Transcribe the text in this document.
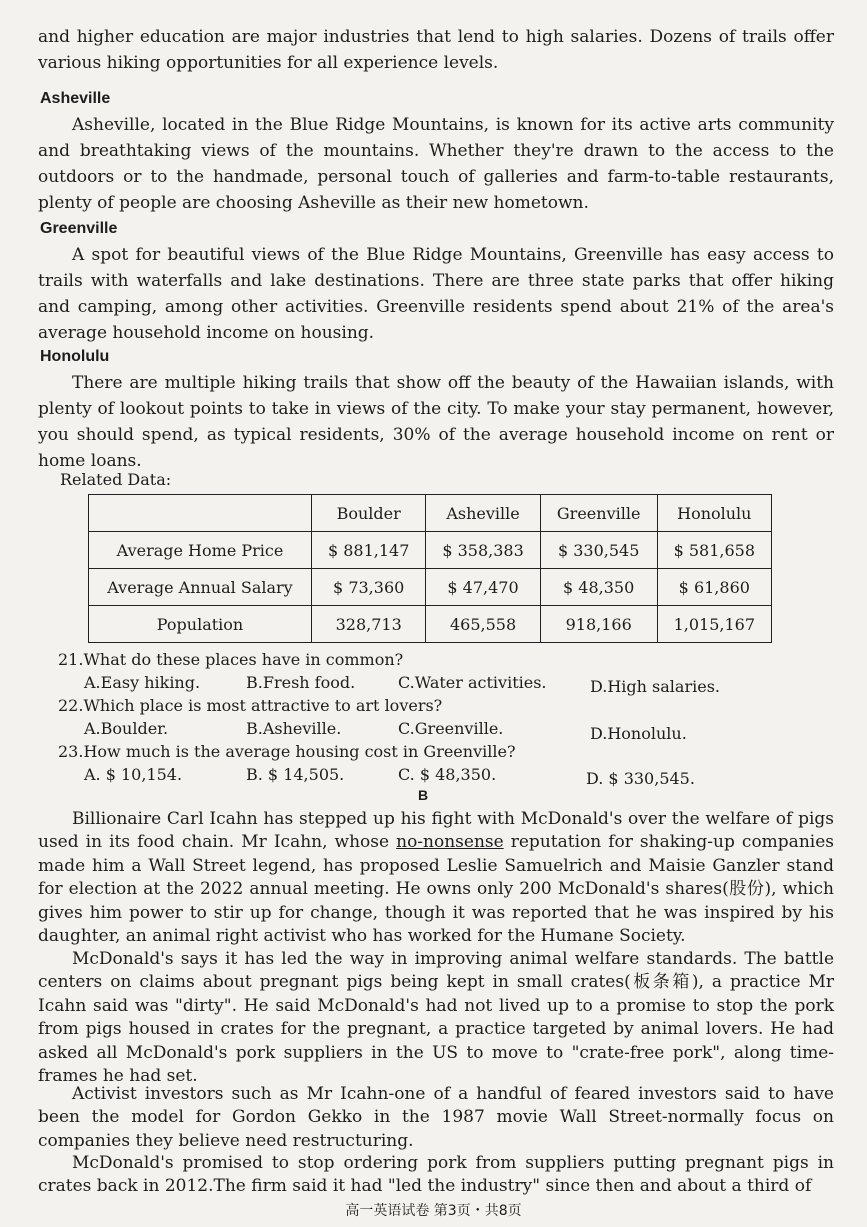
and higher education are major industries that lend to high salaries. Dozens of trails offer various hiking opportunities for all experience levels.

Asheville

Asheville, located in the Blue Ridge Mountains, is known for its active arts community and breathtaking views of the mountains. Whether they're drawn to the access to the outdoors or to the handmade, personal touch of galleries and farm-to-table restaurants, plenty of people are choosing Asheville as their new hometown.

Greenville

A spot for beautiful views of the Blue Ridge Mountains, Greenville has easy access to trails with waterfalls and lake destinations. There are three state parks that offer hiking and camping, among other activities. Greenville residents spend about 21% of the area's average household income on housing.

Honolulu

There are multiple hiking trails that show off the beauty of the Hawaiian islands, with plenty of lookout points to take in views of the city. To make your stay permanent, however, you should spend, as typical residents, 30% of the average household income on rent or home loans.

Related Data:

	Boulder	Asheville	Greenville	Honolulu
Average Home Price	$ 881,147	$ 358,383	$ 330,545	$ 581,658
Average Annual Salary	$ 73,360	$ 47,470	$ 48,350	$ 61,860
Population	328,713	465,558	918,166	1,015,167

21.What do these places have in common?

A.Easy hiking.	B.Fresh food.	C.Water activities.	D.High salaries.

22.Which place is most attractive to art lovers?

A.Boulder.	B.Asheville.	C.Greenville.	D.Honolulu.

23.How much is the average housing cost in Greenville?

A. $ 10,154.	B. $ 14,505.	C. $ 48,350.	D. $ 330,545.

B

Billionaire Carl Icahn has stepped up his fight with McDonald's over the welfare of pigs used in its food chain. Mr Icahn, whose no-nonsense reputation for shaking-up companies made him a Wall Street legend, has proposed Leslie Samuelrich and Maisie Ganzler stand for election at the 2022 annual meeting. He owns only 200 McDonald's shares(股份), which gives him power to stir up for change, though it was reported that he was inspired by his daughter, an animal right activist who has worked for the Humane Society.

McDonald's says it has led the way in improving animal welfare standards. The battle centers on claims about pregnant pigs being kept in small crates(板条箱), a practice Mr Icahn said was "dirty". He said McDonald's had not lived up to a promise to stop the pork from pigs housed in crates for the pregnant, a practice targeted by animal lovers. He had asked all McDonald's pork suppliers in the US to move to "crate-free pork", along time-frames he had set.

Activist investors such as Mr Icahn-one of a handful of feared investors said to have been the model for Gordon Gekko in the 1987 movie Wall Street-normally focus on companies they believe need restructuring.

McDonald's promised to stop ordering pork from suppliers putting pregnant pigs in crates back in 2012.The firm said it had "led the industry" since then and about a third of

高一英语试卷 第3页・共8页
